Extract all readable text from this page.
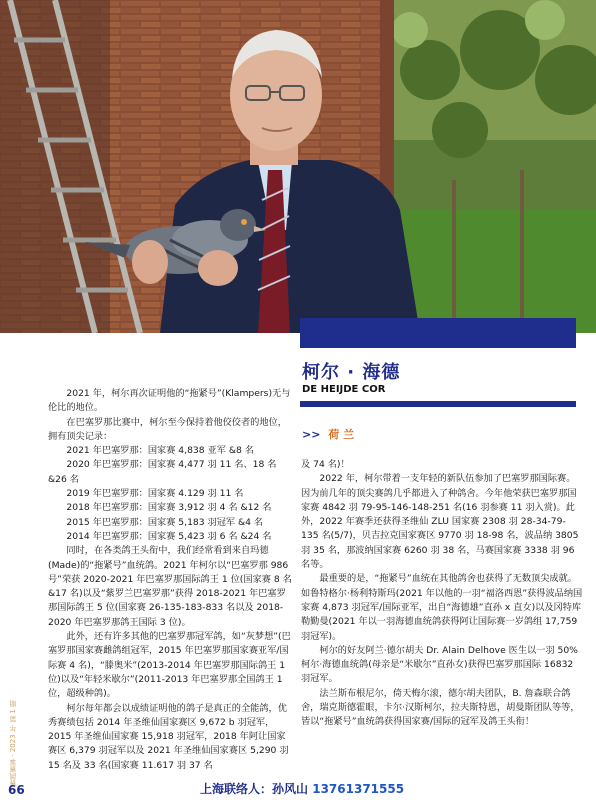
柯尔 · 海德
DE HEIJDE COR
>> 荷 兰

2021 年，柯尔再次证明他的“拖紧号”(Klampers)无与伦比的地位。

在巴塞罗那比赛中，柯尔至今保持着他佼佼者的地位，拥有顶尖记录：

2021 年巴塞罗那：国家赛 4,838 亚军 &8 名

2020 年巴塞罗那：国家赛 4,477 羽 11 名、18 名 &26 名

2019 年巴塞罗那：国家赛 4.129 羽 11 名

2018 年巴塞罗那：国家赛 3,912 羽 4 名 &12 名

2015 年巴塞罗那：国家赛 5,183 羽冠军 &4 名

2014 年巴塞罗那：国家赛 5,423 羽 6 名 &24 名

同时，在各类鸽王头衔中，我们经常看到来自玛德(Made)的“拖紧号”血统鸽。2021 年柯尔以“巴塞罗那 986 号”荣获 2020-2021 年巴塞罗那国际鸽王 1 位(国家赛 8 名 &17 名)以及“紫罗兰巴塞罗那”获得 2018-2021 年巴塞罗那国际鸽王 5 位(国家赛 26-135-183-833 名以及 2018-2020 年巴塞罗那鸽王国际 3 位)。

此外，还有许多其他的巴塞罗那冠军鸽，如“灰梦想”(巴塞罗那国家赛雌鸽组冠军，2015 年巴塞罗那国家赛亚军/国际赛 4 名)，“滕奥米”(2013-2014 年巴塞罗那国际鸽王 1 位)以及“年轻米歇尔”(2011-2013 年巴塞罗那全国鸽王 1 位，超级种鸽)。

柯尔每年都会以成绩证明他的鸽子是真正的全能鸽，优秀赛绩包括 2014 年圣维仙国家赛区 9,672 b 羽冠军，2015 年圣维仙国家赛 15,918 羽冠军，2018 年阿让国家赛区 6,379 羽冠军以及 2021 年圣维仙国家赛区 5,290 羽 15 名及 33 名(国家赛 11.617 羽 37 名

及 74 名)！

2022 年，柯尔带着一支年轻的新队伍参加了巴塞罗那国际赛。因为前几年的顶尖赛鸽几乎都进入了种鸽舍。今年他荣获巴塞罗那国家赛 4842 羽 79-95-146-148-251 名(16 羽参赛 11 羽入赏)。此外，2022 年赛季还获得圣维仙 ZLU 国家赛 2308 羽 28-34-79-135 名(5/7)，贝吉拉克国家赛区 9770 羽 18-98 名，波品纳 3805 羽 35 名，那波纳国家赛 6260 羽 38 名，马赛国家赛 3338 羽 96 名等。

最重要的是，“拖紧号”血统在其他鸽舍也获得了无数顶尖成就。如鲁特格尔·杨利特斯玛(2021 年以他的一羽“福洛西恩”获得波品纳国家赛 4,873 羽冠军/国际亚军，出自“海德雄”直孙 x 直女)以及冈特库勒勤曼(2021 年以一羽海德血统鸽获得阿让国际赛一岁鸽组 17,759 羽冠军)。

柯尔的好友阿兰·德尔胡夫 Dr. Alain Delhove 医生以一羽 50% 柯尔·海德血统鸽(母亲是“米歇尔”直孙女)获得巴塞罗那国际 16832 羽冠军。

法兰斯布根尼尔，倚天梅尔滚，德尔胡夫团队，B. 詹森联合鸽舍，瑞克斯德霍眼，卡尔·汉斯柯尔，拉夫斯特恩，胡曼斯团队等等，皆以“拖紧号”血统鸽获得国家赛/国际的冠军及鸽王头衔！

赛鸽赛事 · 2023 年 第 1 期
66	上海联络人：孙风山 13761371555
